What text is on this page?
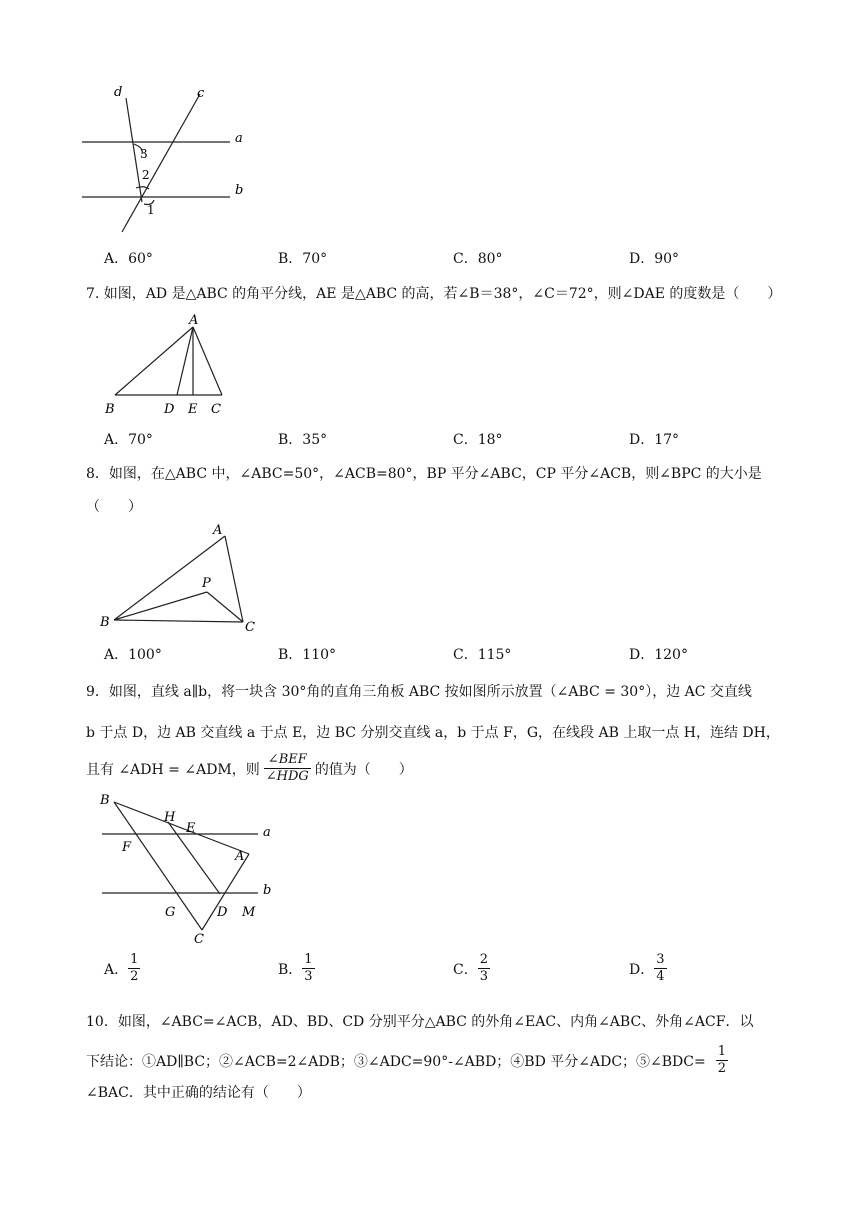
d	c
a
b
3
2
1
A．60°	B．70°	C．80°	D．90°
7. 如图，AD 是△ABC 的角平分线，AE 是△ABC 的高，若∠B＝38°，∠C＝72°，则∠DAE 的度数是（　　）
A
B	D E C
A．70°	B．35°	C．18°	D．17°
8．如图，在△ABC 中，∠ABC=50°，∠ACB=80°，BP 平分∠ABC，CP 平分∠ACB，则∠BPC 的大小是
（　　）
A
P
B	C
A．100°	B．110°	C．115°	D．120°
9．如图，直线 a∥b，将一块含 30°角的直角三角板 ABC 按如图所示放置（∠ABC = 30°），边 AC 交直线
b 于点 D，边 AB 交直线 a 于点 E，边 BC 分别交直线 a，b 于点 F，G，在线段 AB 上取一点 H，连结 DH，
且有 ∠ADH = ∠ADM，则 $\frac{\text{∠BEF}}{\text{∠HDG}}$ 的值为（　　）
B
H
E	a
F
A
b
G	D M
C
A． $\frac{1}{2}$	B． $\frac{1}{3}$	C． $\frac{2}{3}$	D． $\frac{3}{4}$
10．如图，∠ABC=∠ACB，AD、BD、CD 分别平分△ABC 的外角∠EAC、内角∠ABC、外角∠ACF．以
下结论：①AD∥BC；②∠ACB=2∠ADB；③∠ADC=90°-∠ABD；④BD 平分∠ADC；⑤∠BDC= $\frac{1}{2}$
∠BAC．其中正确的结论有（　　）
